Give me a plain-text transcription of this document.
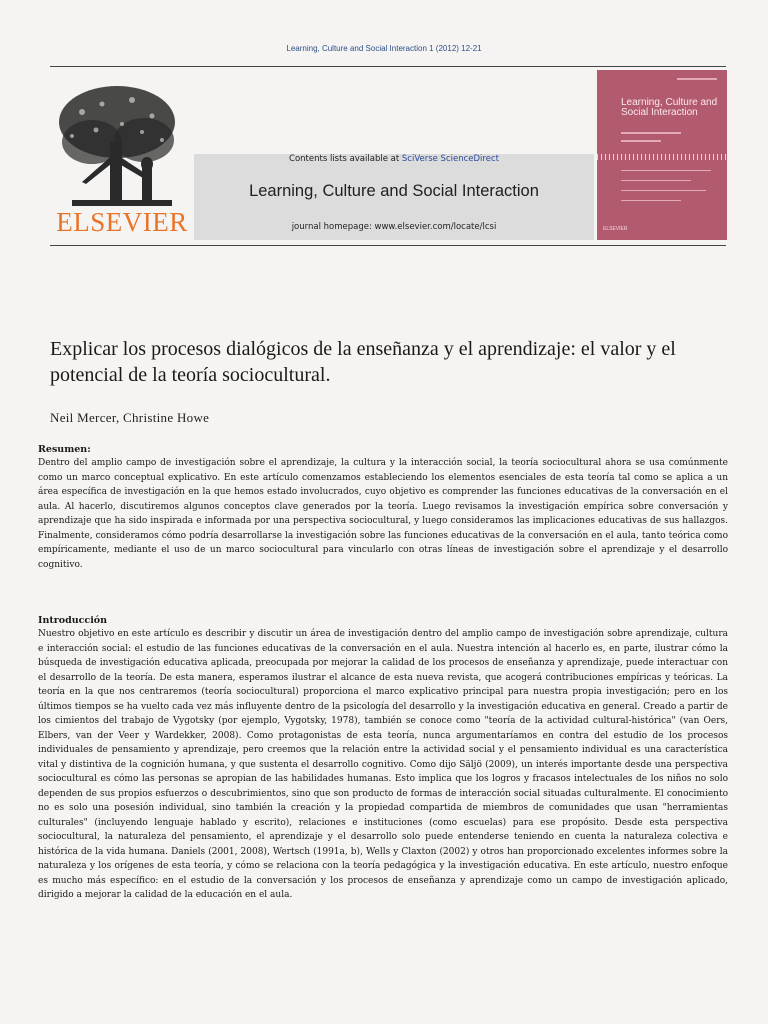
Learning, Culture and Social Interaction 1 (2012) 12-21
ELSEVIER
Contents lists available at SciVerse ScienceDirect
Learning, Culture and Social Interaction
journal homepage: www.elsevier.com/locate/lcsi
Learning, Culture and Social Interaction
ELSEVIER
Explicar los procesos dialógicos de la enseñanza y el aprendizaje: el valor y el potencial de la teoría sociocultural.
Neil Mercer, Christine Howe
Resumen:
Dentro del amplio campo de investigación sobre el aprendizaje, la cultura y la interacción social, la teoría sociocultural ahora se usa comúnmente como un marco conceptual explicativo. En este artículo comenzamos estableciendo los elementos esenciales de esta teoría tal como se aplica a un área específica de investigación en la que hemos estado involucrados, cuyo objetivo es comprender las funciones educativas de la conversación en el aula. Al hacerlo, discutiremos algunos conceptos clave generados por la teoría. Luego revisamos la investigación empírica sobre conversación y aprendizaje que ha sido inspirada e informada por una perspectiva sociocultural, y luego consideramos las implicaciones educativas de sus hallazgos. Finalmente, consideramos cómo podría desarrollarse la investigación sobre las funciones educativas de la conversación en el aula, tanto teórica como empíricamente, mediante el uso de un marco sociocultural para vincularlo con otras líneas de investigación sobre el aprendizaje y el desarrollo cognitivo.
Introducción
Nuestro objetivo en este artículo es describir y discutir un área de investigación dentro del amplio campo de investigación sobre aprendizaje, cultura e interacción social: el estudio de las funciones educativas de la conversación en el aula. Nuestra intención al hacerlo es, en parte, ilustrar cómo la búsqueda de investigación educativa aplicada, preocupada por mejorar la calidad de los procesos de enseñanza y aprendizaje, puede interactuar con el desarrollo de la teoría. De esta manera, esperamos ilustrar el alcance de esta nueva revista, que acogerá contribuciones empíricas y teóricas. La teoría en la que nos centraremos (teoría sociocultural) proporciona el marco explicativo principal para nuestra propia investigación; pero en los últimos tiempos se ha vuelto cada vez más influyente dentro de la psicología del desarrollo y la investigación educativa en general. Creado a partir de los cimientos del trabajo de Vygotsky (por ejemplo, Vygotsky, 1978), también se conoce como "teoría de la actividad cultural-histórica" (van Oers, Elbers, van der Veer y Wardekker, 2008). Como protagonistas de esta teoría, nunca argumentaríamos en contra del estudio de los procesos individuales de pensamiento y aprendizaje, pero creemos que la relación entre la actividad social y el pensamiento individual es una característica vital y distintiva de la cognición humana, y que sustenta el desarrollo cognitivo. Como dijo Säljö (2009), un interés importante desde una perspectiva sociocultural es cómo las personas se apropian de las habilidades humanas. Esto implica que los logros y fracasos intelectuales de los niños no solo dependen de sus propios esfuerzos o descubrimientos, sino que son producto de formas de interacción social situadas culturalmente. El conocimiento no es solo una posesión individual, sino también la creación y la propiedad compartida de miembros de comunidades que usan "herramientas culturales" (incluyendo lenguaje hablado y escrito), relaciones e instituciones (como escuelas) para ese propósito. Desde esta perspectiva sociocultural, la naturaleza del pensamiento, el aprendizaje y el desarrollo solo puede entenderse teniendo en cuenta la naturaleza colectiva e histórica de la vida humana. Daniels (2001, 2008), Wertsch (1991a, b), Wells y Claxton (2002) y otros han proporcionado excelentes informes sobre la naturaleza y los orígenes de esta teoría, y cómo se relaciona con la teoría pedagógica y la investigación educativa. En este artículo, nuestro enfoque es mucho más específico: en el estudio de la conversación y los procesos de enseñanza y aprendizaje como un campo de investigación aplicado, dirigido a mejorar la calidad de la educación en el aula.
